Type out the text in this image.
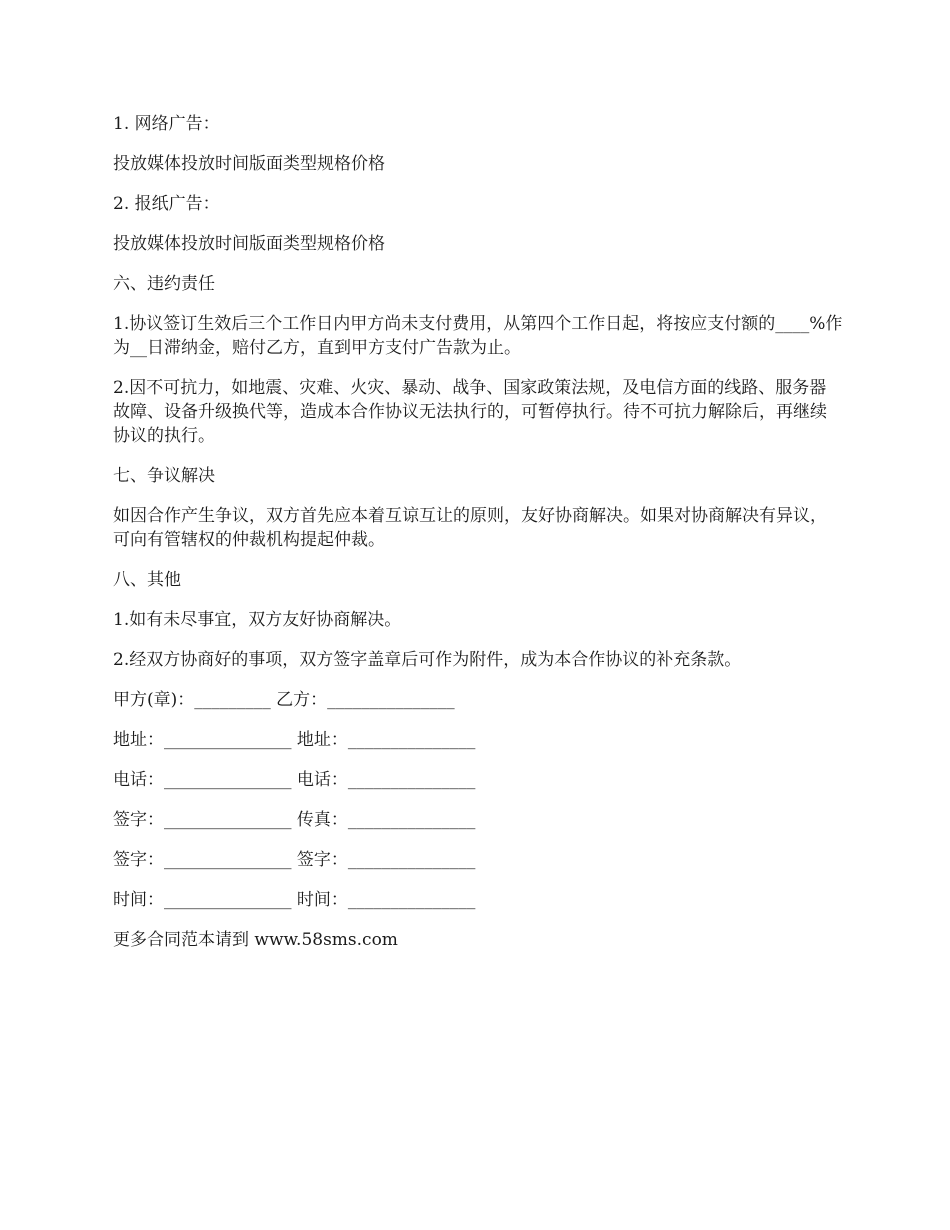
1. 网络广告：

投放媒体投放时间版面类型规格价格

2. 报纸广告：

投放媒体投放时间版面类型规格价格

六、违约责任

1.协议签订生效后三个工作日内甲方尚未支付费用，从第四个工作日起，将按应支付额的____%作为__日滞纳金，赔付乙方，直到甲方支付广告款为止。

2.因不可抗力，如地震、灾难、火灾、暴动、战争、国家政策法规，及电信方面的线路、服务器故障、设备升级换代等，造成本合作协议无法执行的，可暂停执行。待不可抗力解除后，再继续协议的执行。

七、争议解决

如因合作产生争议，双方首先应本着互谅互让的原则，友好协商解决。如果对协商解决有异议，可向有管辖权的仲裁机构提起仲裁。

八、其他

1.如有未尽事宜，双方友好协商解决。

2.经双方协商好的事项，双方签字盖章后可作为附件，成为本合作协议的补充条款。

甲方(章)：_________ 乙方：_______________

地址：_______________ 地址：_______________

电话：_______________ 电话：_______________

签字：_______________ 传真：_______________

签字：_______________ 签字：_______________

时间：_______________ 时间：_______________

更多合同范本请到 www.58sms.com
